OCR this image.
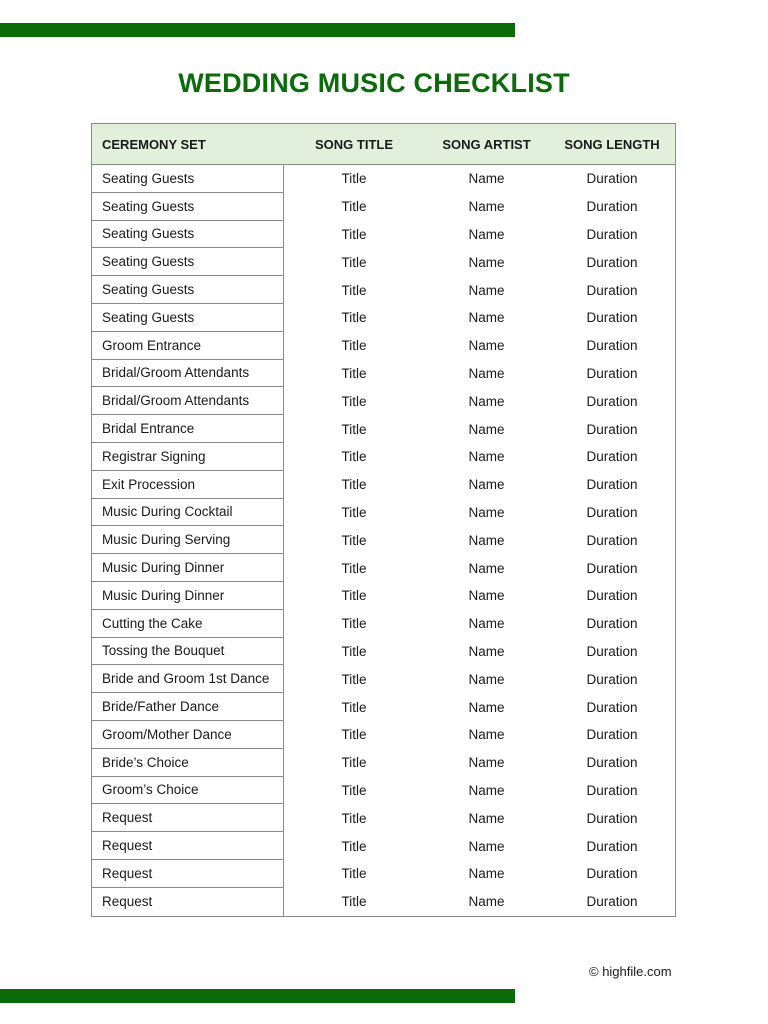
WEDDING MUSIC CHECKLIST
CEREMONY SET	SONG TITLE	SONG ARTIST	SONG LENGTH
Seating Guests	Title	Name	Duration
Seating Guests	Title	Name	Duration
Seating Guests	Title	Name	Duration
Seating Guests	Title	Name	Duration
Seating Guests	Title	Name	Duration
Seating Guests	Title	Name	Duration
Groom Entrance	Title	Name	Duration
Bridal/Groom Attendants	Title	Name	Duration
Bridal/Groom Attendants	Title	Name	Duration
Bridal Entrance	Title	Name	Duration
Registrar Signing	Title	Name	Duration
Exit Procession	Title	Name	Duration
Music During Cocktail	Title	Name	Duration
Music During Serving	Title	Name	Duration
Music During Dinner	Title	Name	Duration
Music During Dinner	Title	Name	Duration
Cutting the Cake	Title	Name	Duration
Tossing the Bouquet	Title	Name	Duration
Bride and Groom 1st Dance	Title	Name	Duration
Bride/Father Dance	Title	Name	Duration
Groom/Mother Dance	Title	Name	Duration
Bride’s Choice	Title	Name	Duration
Groom’s Choice	Title	Name	Duration
Request	Title	Name	Duration
Request	Title	Name	Duration
Request	Title	Name	Duration
Request	Title	Name	Duration
© highfile.com
